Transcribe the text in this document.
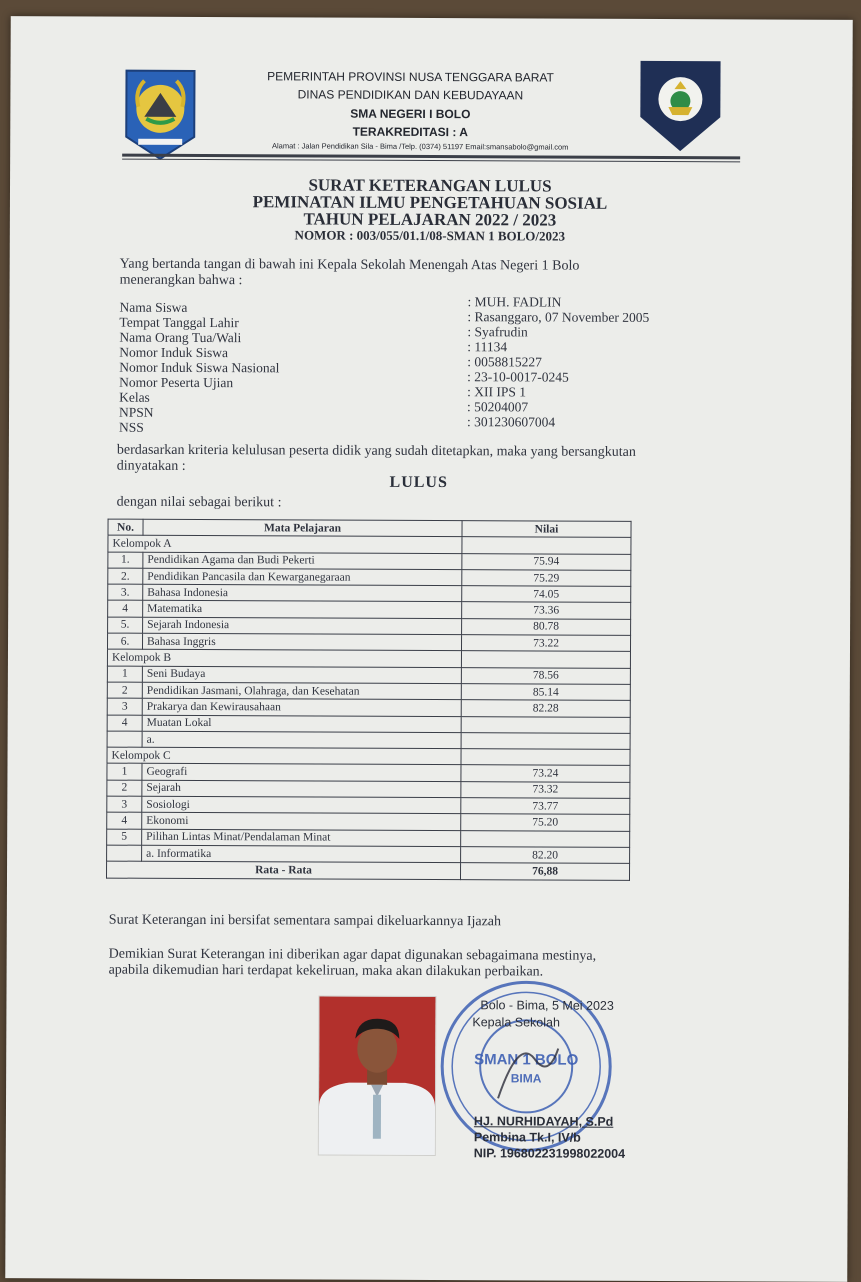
PEMERINTAH PROVINSI NUSA TENGGARA BARAT
DINAS PENDIDIKAN DAN KEBUDAYAAN
SMA NEGERI I BOLO
TERAKREDITASI : A
Alamat : Jalan Pendidikan Sila - Bima /Telp. (0374) 51197 Email:smansabolo@gmail.com
SURAT KETERANGAN LULUS
PEMINATAN ILMU PENGETAHUAN SOSIAL
TAHUN PELAJARAN 2022 / 2023
NOMOR : 003/055/01.1/08-SMAN 1 BOLO/2023
Yang bertanda tangan di bawah ini Kepala Sekolah Menengah Atas Negeri 1 Bolo
menerangkan bahwa :
Nama Siswa	: MUH. FADLIN
Tempat Tanggal Lahir	: Rasanggaro, 07 November 2005
Nama Orang Tua/Wali	: Syafrudin
Nomor Induk Siswa	: 11134
Nomor Induk Siswa Nasional	: 0058815227
Nomor Peserta Ujian	: 23-10-0017-0245
Kelas	: XII IPS 1
NPSN	: 50204007
NSS	: 301230607004
berdasarkan kriteria kelulusan peserta didik yang sudah ditetapkan, maka yang bersangkutan
dinyatakan :
LULUS
dengan nilai sebagai berikut :
No.	Mata Pelajaran	Nilai
Kelompok A		
1.	Pendidikan Agama dan Budi Pekerti	75.94
2.	Pendidikan Pancasila dan Kewarganegaraan	75.29
3.	Bahasa Indonesia	74.05
4	Matematika	73.36
5.	Sejarah Indonesia	80.78
6.	Bahasa Inggris	73.22
Kelompok B		
1	Seni Budaya	78.56
2	Pendidikan Jasmani, Olahraga, dan Kesehatan	85.14
3	Prakarya dan Kewirausahaan	82.28
4	Muatan Lokal	
	a.	
Kelompok C		
1	Geografi	73.24
2	Sejarah	73.32
3	Sosiologi	73.77
4	Ekonomi	75.20
5	Pilihan Lintas Minat/Pendalaman Minat	
	a. Informatika	82.20
Rata - Rata		76,88
Surat Keterangan ini bersifat sementara sampai dikeluarkannya Ijazah
Demikian Surat Keterangan ini diberikan agar dapat digunakan sebagaimana mestinya,
apabila dikemudian hari terdapat kekeliruan, maka akan dilakukan perbaikan.
SMAN 1 BOLO
BIMA
Bolo - Bima, 5 Mei 2023
Kepala Sekolah
HJ. NURHIDAYAH, S.Pd
Pembina Tk.I, IV/b
NIP. 196802231998022004
